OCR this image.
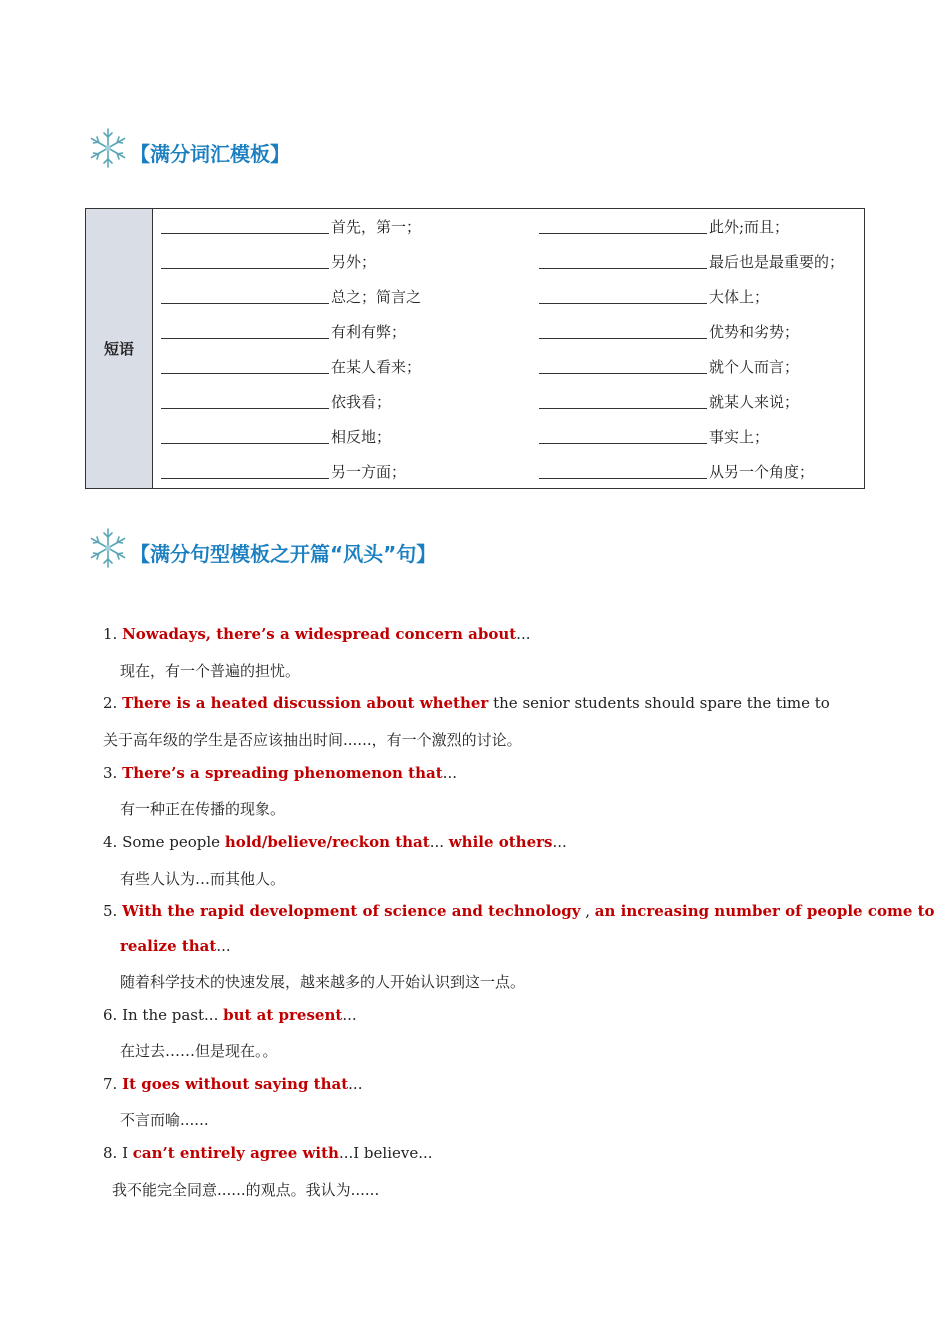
【满分词汇模板】
短语
首先，第一；	此外;而且；
另外；	最后也是最重要的；
总之；简言之	大体上；
有利有弊；	优势和劣势；
在某人看来；	就个人而言；
依我看；	就某人来说；
相反地；	事实上；
另一方面；	从另一个角度；
【满分句型模板之开篇“风头”句】
1. Nowadays, there’s a widespread concern about...
现在，有一个普遍的担忧。
2. There is a heated discussion about whether the senior students should spare the time to
关于高年级的学生是否应该抽出时间......，有一个激烈的讨论。
3. There’s a spreading phenomenon that...
有一种正在传播的现象。
4. Some people hold/believe/reckon that... while others...
有些人认为…而其他人。
5. With the rapid development of science and technology , an increasing number of people come to
realize that...
随着科学技术的快速发展，越来越多的人开始认识到这一点。
6. In the past... but at present...
在过去……但是现在。。
7. It goes without saying that...
不言而喻......
8. I can’t entirely agree with...I believe...
我不能完全同意......的观点。我认为......
